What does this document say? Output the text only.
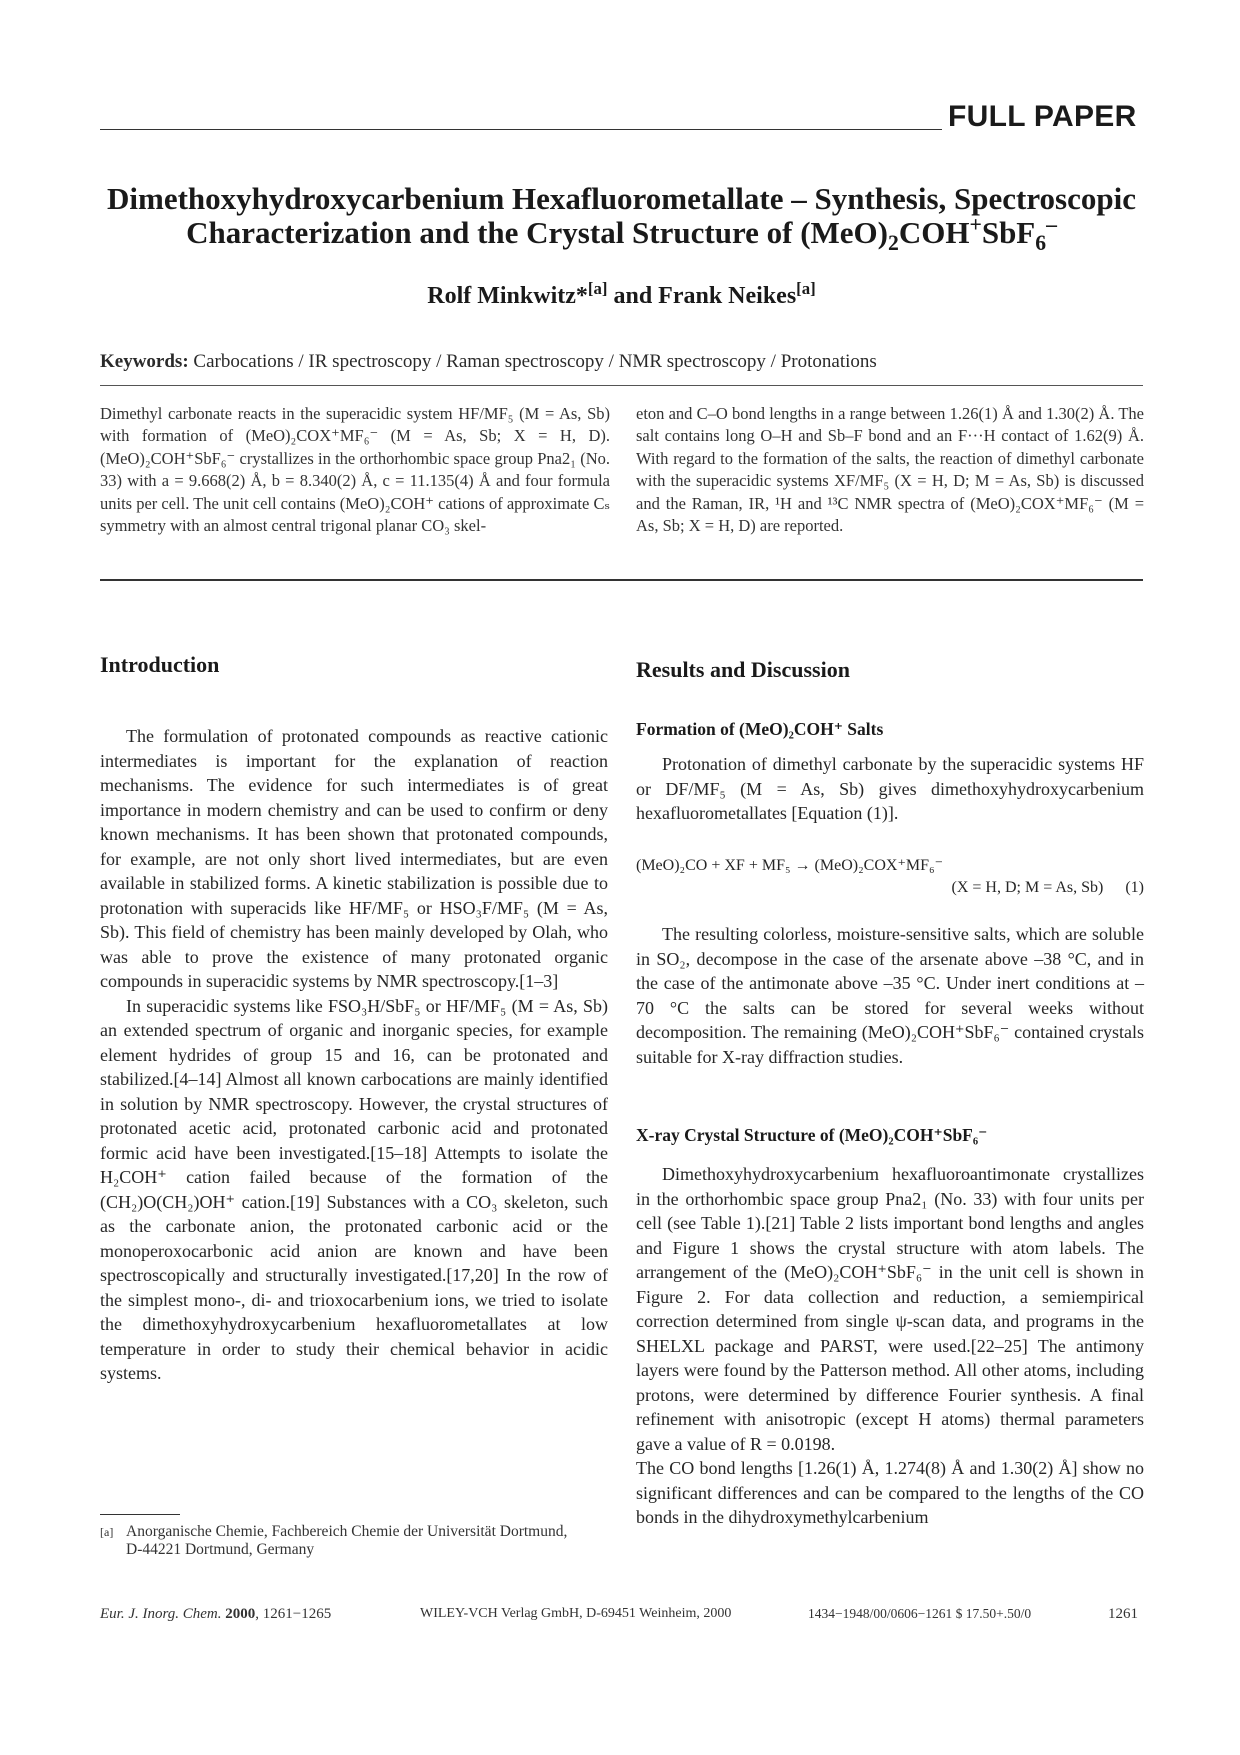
FULL PAPER
Dimethoxyhydroxycarbenium Hexafluorometallate – Synthesis, Spectroscopic
Characterization and the Crystal Structure of $(MeO)_2COH^+SbF_6^-$
Rolf Minkwitz*[a] and Frank Neikes[a]
Keywords: Carbocations / IR spectroscopy / Raman spectroscopy / NMR spectroscopy / Protonations
Dimethyl carbonate reacts in the superacidic system HF/MF₅ (M = As, Sb) with formation of (MeO)₂COX⁺MF₆⁻ (M = As, Sb; X = H, D). (MeO)₂COH⁺SbF₆⁻ crystallizes in the orthorhombic space group Pna2₁ (No. 33) with a = 9.668(2) Å, b = 8.340(2) Å, c = 11.135(4) Å and four formula units per cell. The unit cell contains (MeO)₂COH⁺ cations of approximate Cₛ symmetry with an almost central trigonal planar CO₃ skel-
eton and C–O bond lengths in a range between 1.26(1) Å and 1.30(2) Å. The salt contains long O–H and Sb–F bond and an F···H contact of 1.62(9) Å. With regard to the formation of the salts, the reaction of dimethyl carbonate with the superacidic systems XF/MF₅ (X = H, D; M = As, Sb) is discussed and the Raman, IR, ¹H and ¹³C NMR spectra of (MeO)₂COX⁺MF₆⁻ (M = As, Sb; X = H, D) are reported.
Introduction

The formulation of protonated compounds as reactive cationic intermediates is important for the explanation of reaction mechanisms. The evidence for such intermediates is of great importance in modern chemistry and can be used to confirm or deny known mechanisms. It has been shown that protonated compounds, for example, are not only short lived intermediates, but are even available in stabilized forms. A kinetic stabilization is possible due to protonation with superacids like HF/MF₅ or HSO₃F/MF₅ (M = As, Sb). This field of chemistry has been mainly developed by Olah, who was able to prove the existence of many protonated organic compounds in superacidic systems by NMR spectroscopy.[1–3]

In superacidic systems like FSO₃H/SbF₅ or HF/MF₅ (M = As, Sb) an extended spectrum of organic and inorganic species, for example element hydrides of group 15 and 16, can be protonated and stabilized.[4–14] Almost all known carbocations are mainly identified in solution by NMR spectroscopy. However, the crystal structures of protonated acetic acid, protonated carbonic acid and protonated formic acid have been investigated.[15–18] Attempts to isolate the H₂COH⁺ cation failed because of the formation of the (CH₂)O(CH₂)OH⁺ cation.[19] Substances with a CO₃ skeleton, such as the carbonate anion, the protonated carbonic acid or the monoperoxocarbonic acid anion are known and have been spectroscopically and structurally investigated.[17,20] In the row of the simplest mono-, di- and trioxocarbenium ions, we tried to isolate the dimethoxyhydroxycarbenium hexafluorometallates at low temperature in order to study their chemical behavior in acidic systems.

[a] Anorganische Chemie, Fachbereich Chemie der Universität Dortmund,
D-44221 Dortmund, Germany
Results and Discussion
Formation of (MeO)₂COH⁺ Salts

Protonation of dimethyl carbonate by the superacidic systems HF or DF/MF₅ (M = As, Sb) gives dimethoxyhydroxycarbenium hexafluorometallates [Equation (1)].

(MeO)₂CO + XF + MF₅ → (MeO)₂COX⁺MF₆⁻
(X = H, D; M = As, Sb) (1)

The resulting colorless, moisture-sensitive salts, which are soluble in SO₂, decompose in the case of the arsenate above –38 °C, and in the case of the antimonate above –35 °C. Under inert conditions at –70 °C the salts can be stored for several weeks without decomposition. The remaining (MeO)₂COH⁺SbF₆⁻ contained crystals suitable for X-ray diffraction studies.

X-ray Crystal Structure of (MeO)₂COH⁺SbF₆⁻

Dimethoxyhydroxycarbenium hexafluoroantimonate crystallizes in the orthorhombic space group Pna2₁ (No. 33) with four units per cell (see Table 1).[21] Table 2 lists important bond lengths and angles and Figure 1 shows the crystal structure with atom labels. The arrangement of the (MeO)₂COH⁺SbF₆⁻ in the unit cell is shown in Figure 2. For data collection and reduction, a semiempirical correction determined from single ψ-scan data, and programs in the SHELXL package and PARST, were used.[22–25] The antimony layers were found by the Patterson method. All other atoms, including protons, were determined by difference Fourier synthesis. A final refinement with anisotropic (except H atoms) thermal parameters gave a value of R = 0.0198.

The CO bond lengths [1.26(1) Å, 1.274(8) Å and 1.30(2) Å] show no significant differences and can be compared to the lengths of the CO bonds in the dihydroxymethylcarbenium

Eur. J. Inorg. Chem. 2000, 1261−1265	WILEY-VCH Verlag GmbH, D-69451 Weinheim, 2000	1434−1948/00/0606−1261 $ 17.50+.50/0	1261
